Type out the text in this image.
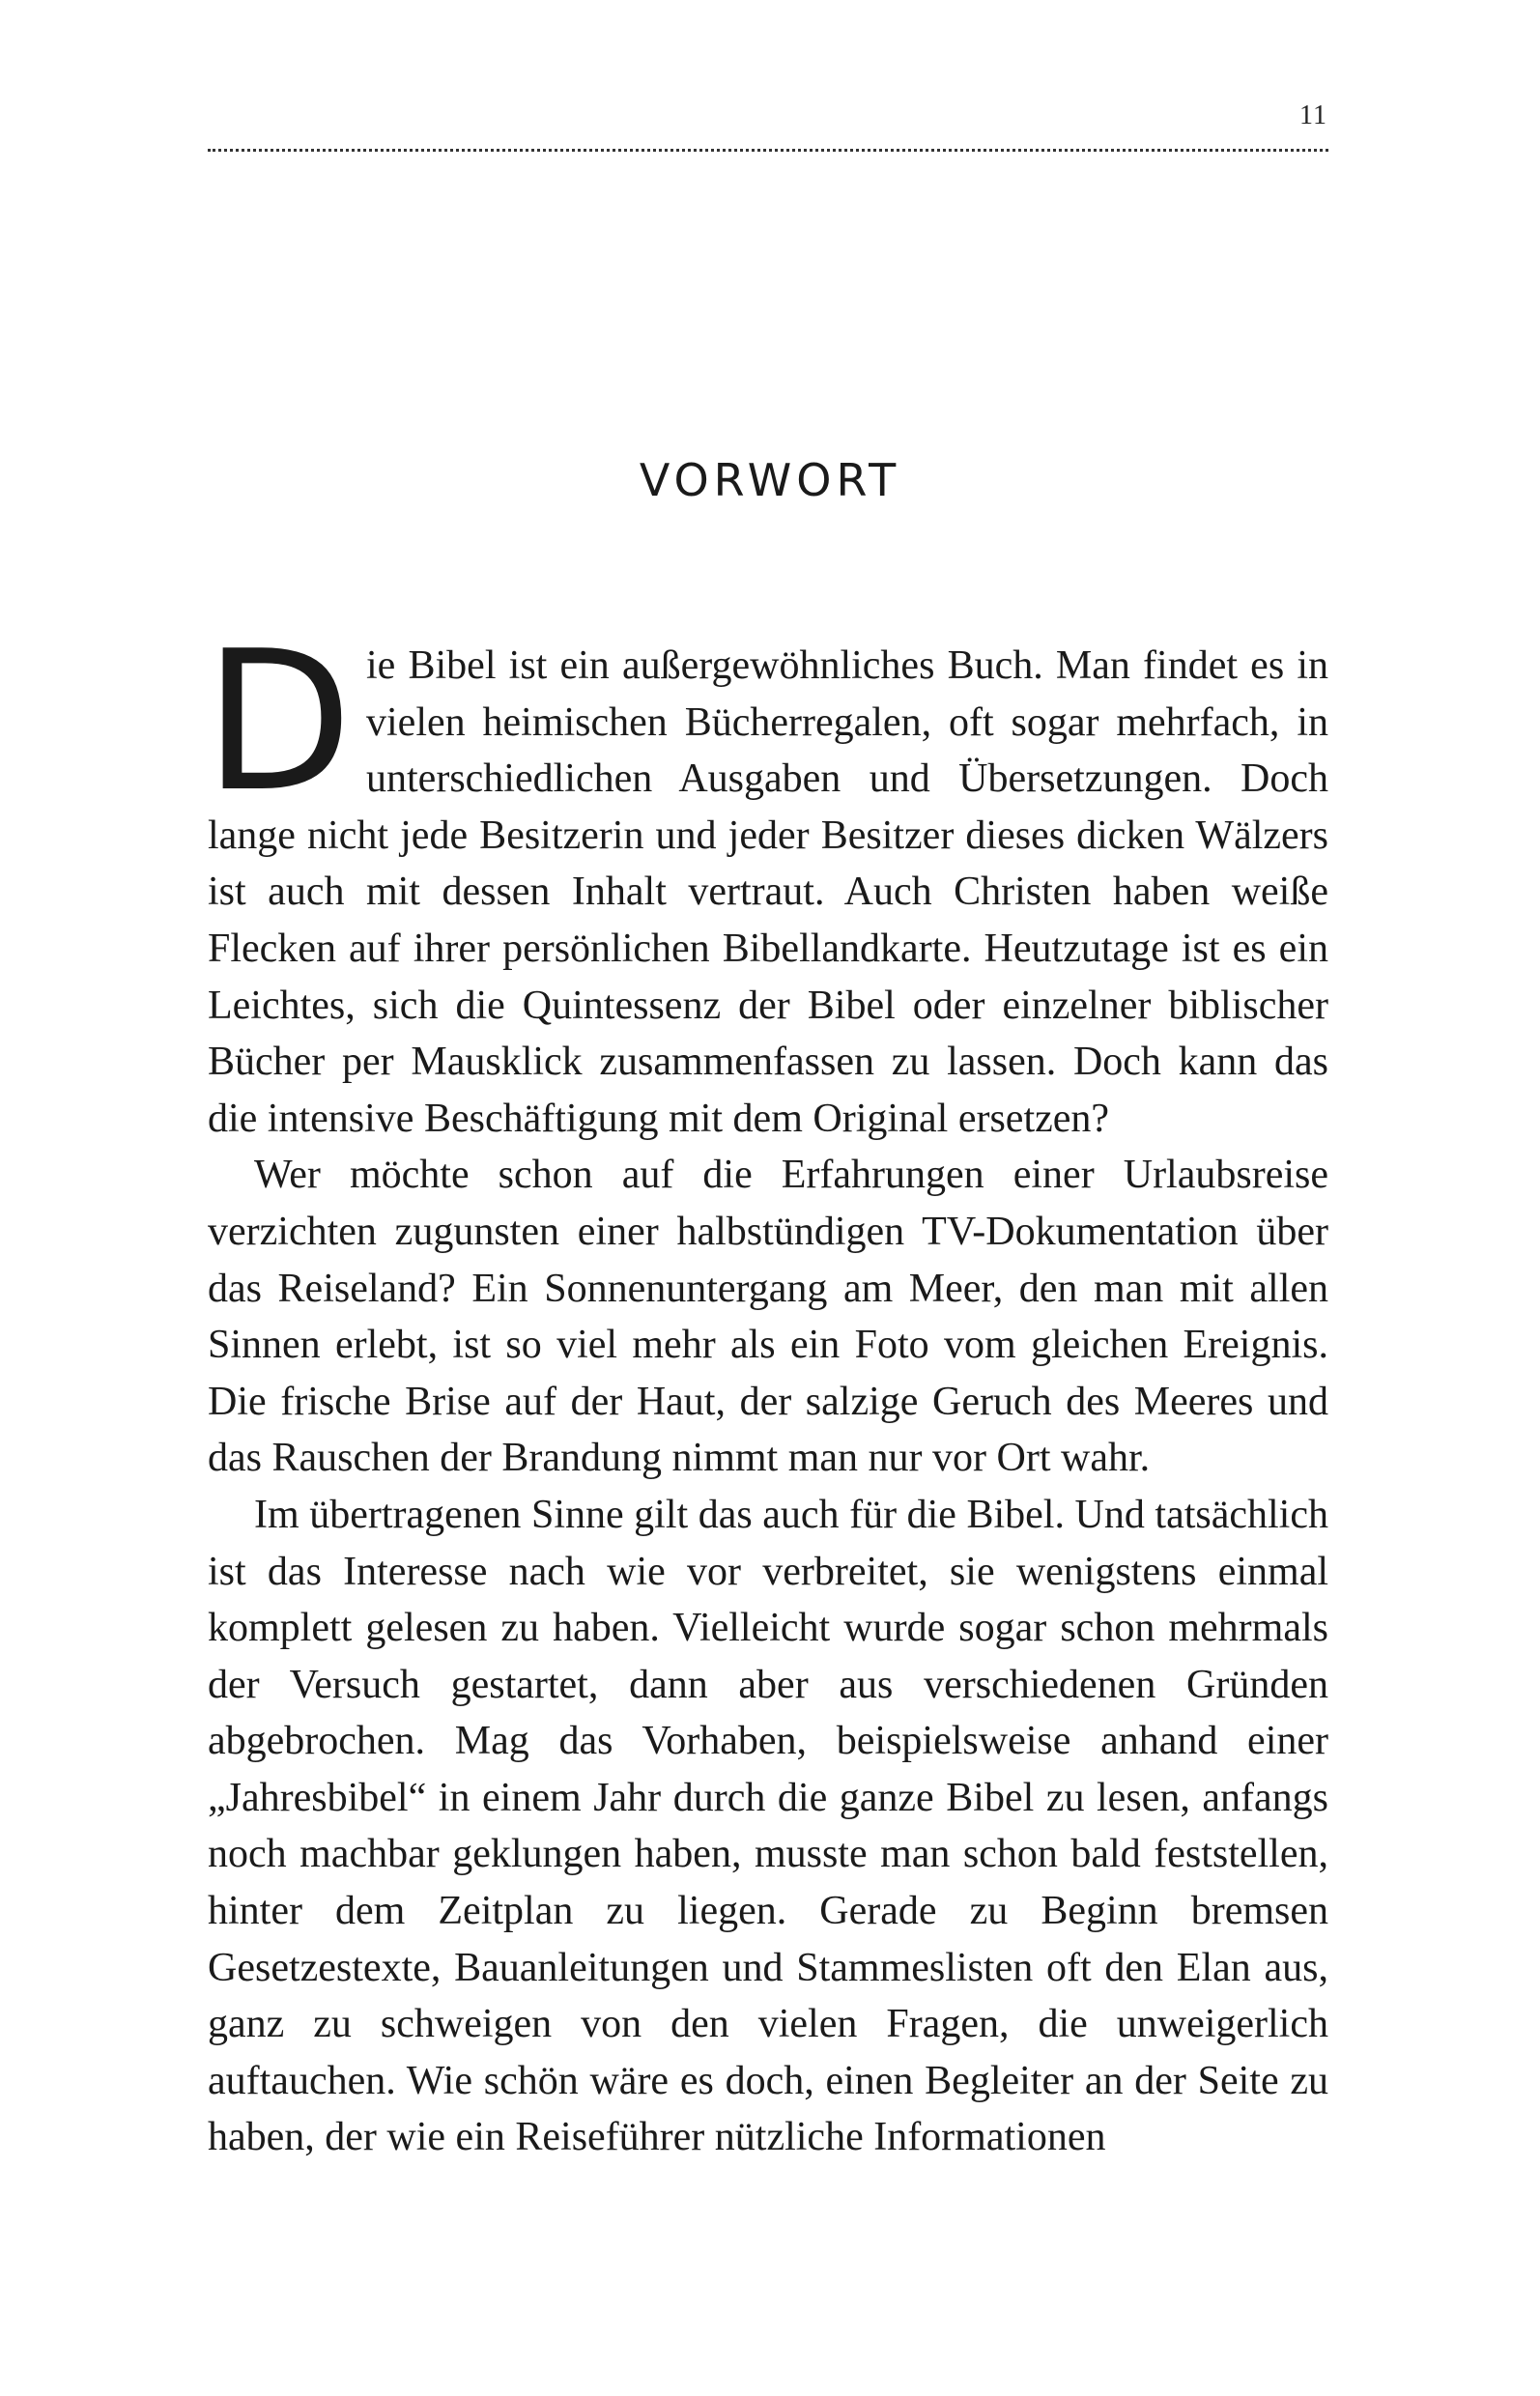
11
VORWORT

Die Bibel ist ein außergewöhnliches Buch. Man findet es in vielen heimischen Bücherregalen, oft sogar mehrfach, in unterschiedlichen Ausgaben und Übersetzungen. Doch lange nicht jede Besitzerin und jeder Besitzer dieses dicken Wälzers ist auch mit dessen Inhalt vertraut. Auch Christen haben weiße Flecken auf ihrer persönlichen Bibellandkarte. Heutzutage ist es ein Leichtes, sich die Quintessenz der Bibel oder einzelner biblischer Bücher per Mausklick zusammenfassen zu lassen. Doch kann das die intensive Beschäftigung mit dem Original ersetzen?

Wer möchte schon auf die Erfahrungen einer Urlaubsreise verzichten zugunsten einer halbstündigen TV-Dokumentation über das Reiseland? Ein Sonnenuntergang am Meer, den man mit allen Sinnen erlebt, ist so viel mehr als ein Foto vom gleichen Ereignis. Die frische Brise auf der Haut, der salzige Geruch des Meeres und das Rauschen der Brandung nimmt man nur vor Ort wahr.

Im übertragenen Sinne gilt das auch für die Bibel. Und tatsächlich ist das Interesse nach wie vor verbreitet, sie wenigstens einmal komplett gelesen zu haben. Vielleicht wurde sogar schon mehrmals der Versuch gestartet, dann aber aus verschiedenen Gründen abgebrochen. Mag das Vorhaben, beispielsweise anhand einer „Jahresbibel“ in einem Jahr durch die ganze Bibel zu lesen, anfangs noch machbar geklungen haben, musste man schon bald feststellen, hinter dem Zeitplan zu liegen. Gerade zu Beginn bremsen Gesetzestexte, Bauanleitungen und Stammeslisten oft den Elan aus, ganz zu schweigen von den vielen Fragen, die unweigerlich auftauchen. Wie schön wäre es doch, einen Begleiter an der Seite zu haben, der wie ein Reiseführer nützliche Informationen
